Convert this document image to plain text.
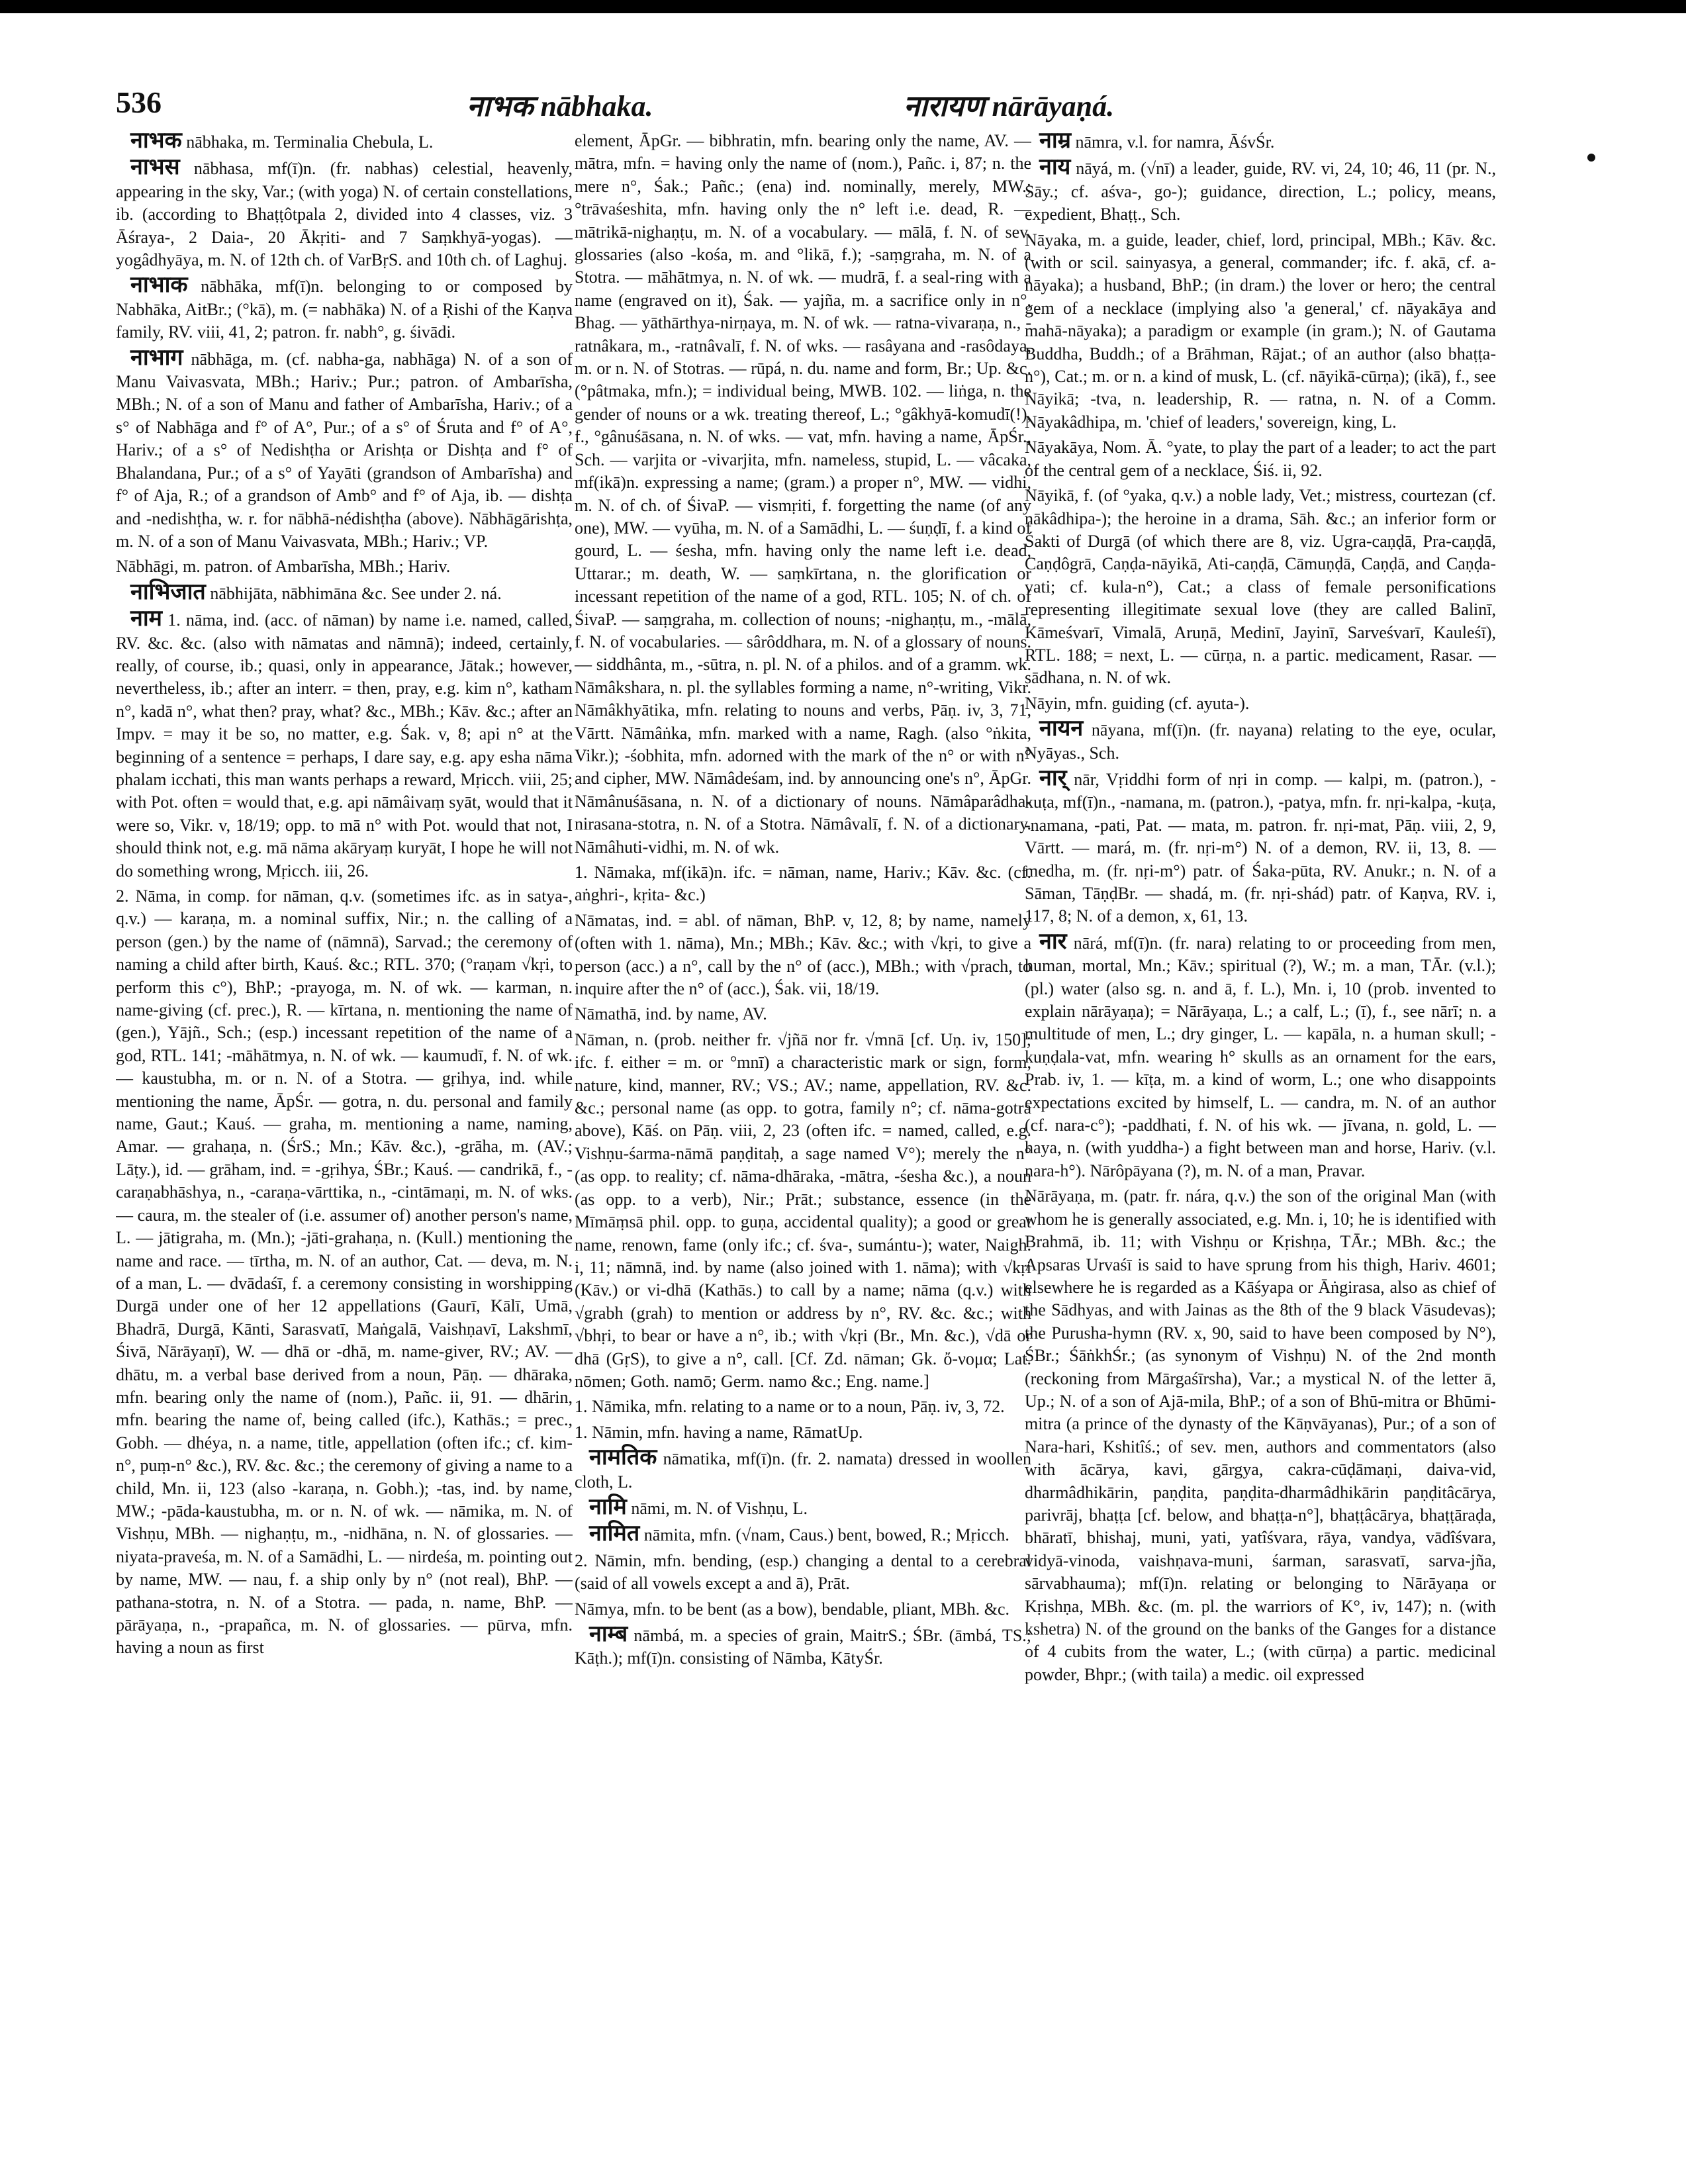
536	नाभक nābhaka.	नारायण nārāyaṇá.

नाभक nābhaka, m. Terminalia Chebula, L.

नाभस nābhasa, mf(ī)n. (fr. nabhas) celestial, heavenly, appearing in the sky, Var.; (with yoga) N. of certain constellations, ib. (according to Bhaṭṭôtpala 2, divided into 4 classes, viz. 3 Āśraya-, 2 Daia-, 20 Ākṛiti- and 7 Saṃkhyā-yogas). — yogâdhyāya, m. N. of 12th ch. of VarBṛS. and 10th ch. of Laghuj.

नाभाक nābhāka, mf(ī)n. belonging to or composed by Nabhāka, AitBr.; (°kā), m. (= nabhāka) N. of a Ṛishi of the Kaṇva family, RV. viii, 41, 2; patron. fr. nabh°, g. śivādi.

नाभाग nābhāga, m. (cf. nabha-ga, nabhāga) N. of a son of Manu Vaivasvata, MBh.; Hariv.; Pur.; patron. of Ambarīsha, MBh.; N. of a son of Manu and father of Ambarīsha, Hariv.; of a s° of Nabhāga and f° of A°, Pur.; of a s° of Śruta and f° of A°, Hariv.; of a s° of Nedishṭha or Arishṭa or Dishṭa and f° of Bhalandana, Pur.; of a s° of Yayāti (grandson of Ambarīsha) and f° of Aja, R.; of a grandson of Amb° and f° of Aja, ib. — dishṭa and -nedishṭha, w. r. for nābhā-nédishṭha (above). Nābhāgārishṭa, m. N. of a son of Manu Vaivasvata, MBh.; Hariv.; VP.

Nābhāgi, m. patron. of Ambarīsha, MBh.; Hariv.

नाभिजात nābhijāta, nābhimāna &c. See under 2. ná.

नाम 1. nāma, ind. (acc. of nāman) by name i.e. named, called, RV. &c. &c. (also with nāmatas and nāmnā); indeed, certainly, really, of course, ib.; quasi, only in appearance, Jātak.; however, nevertheless, ib.; after an interr. = then, pray, e.g. kim n°, katham n°, kadā n°, what then? pray, what? &c., MBh.; Kāv. &c.; after an Impv. = may it be so, no matter, e.g. Śak. v, 8; api n° at the beginning of a sentence = perhaps, I dare say, e.g. apy esha nāma phalam icchati, this man wants perhaps a reward, Mṛicch. viii, 25; with Pot. often = would that, e.g. api nāmâivaṃ syāt, would that it were so, Vikr. v, 18/19; opp. to mā n° with Pot. would that not, I should think not, e.g. mā nāma akāryaṃ kuryāt, I hope he will not do something wrong, Mṛicch. iii, 26.

2. Nāma, in comp. for nāman, q.v. (sometimes ifc. as in satya-, q.v.) — karaṇa, m. a nominal suffix, Nir.; n. the calling of a person (gen.) by the name of (nāmnā), Sarvad.; the ceremony of naming a child after birth, Kauś. &c.; RTL. 370; (°raṇam √kṛi, to perform this c°), BhP.; -prayoga, m. N. of wk. — karman, n. name-giving (cf. prec.), R. — kīrtana, n. mentioning the name of (gen.), Yājñ., Sch.; (esp.) incessant repetition of the name of a god, RTL. 141; -māhātmya, n. N. of wk. — kaumudī, f. N. of wk. — kaustubha, m. or n. N. of a Stotra. — gṛihya, ind. while mentioning the name, ĀpŚr. — gotra, n. du. personal and family name, Gaut.; Kauś. — graha, m. mentioning a name, naming, Amar. — grahaṇa, n. (ŚrS.; Mn.; Kāv. &c.), -grāha, m. (AV.; Lāṭy.), id. — grāham, ind. = -gṛihya, ŚBr.; Kauś. — candrikā, f., -caraṇabhāshya, n., -caraṇa-vārttika, n., -cintāmaṇi, m. N. of wks. — caura, m. the stealer of (i.e. assumer of) another person's name, L. — jātigraha, m. (Mn.); -jāti-grahaṇa, n. (Kull.) mentioning the name and race. — tīrtha, m. N. of an author, Cat. — deva, m. N. of a man, L. — dvādaśī, f. a ceremony consisting in worshipping Durgā under one of her 12 appellations (Gaurī, Kālī, Umā, Bhadrā, Durgā, Kānti, Sarasvatī, Maṅgalā, Vaishṇavī, Lakshmī, Śivā, Nārāyaṇī), W. — dhā or -dhā, m. name-giver, RV.; AV. — dhātu, m. a verbal base derived from a noun, Pāṇ. — dhāraka, mfn. bearing only the name of (nom.), Pañc. ii, 91. — dhārin, mfn. bearing the name of, being called (ifc.), Kathās.; = prec., Gobh. — dhéya, n. a name, title, appellation (often ifc.; cf. kim-n°, puṃ-n° &c.), RV. &c. &c.; the ceremony of giving a name to a child, Mn. ii, 123 (also -karaṇa, n. Gobh.); -tas, ind. by name, MW.; -pāda-kaustubha, m. or n. N. of wk. — nāmika, m. N. of Vishṇu, MBh. — nighaṇṭu, m., -nidhāna, n. N. of glossaries. — niyata-praveśa, m. N. of a Samādhi, L. — nirdeśa, m. pointing out by name, MW. — nau, f. a ship only by n° (not real), BhP. — pathana-stotra, n. N. of a Stotra. — pada, n. name, BhP. — pārāyaṇa, n., -prapañca, m. N. of glossaries. — pūrva, mfn. having a noun as first

element, ĀpGr. — bibhratin, mfn. bearing only the name, AV. — mātra, mfn. = having only the name of (nom.), Pañc. i, 87; n. the mere n°, Śak.; Pañc.; (ena) ind. nominally, merely, MW.; °trāvaśeshita, mfn. having only the n° left i.e. dead, R. — mātrikā-nighaṇṭu, m. N. of a vocabulary. — mālā, f. N. of sev. glossaries (also -kośa, m. and °likā, f.); -saṃgraha, m. N. of a Stotra. — māhātmya, n. N. of wk. — mudrā, f. a seal-ring with a name (engraved on it), Śak. — yajña, m. a sacrifice only in n°, Bhag. — yāthārthya-nirṇaya, m. N. of wk. — ratna-vivaraṇa, n., -ratnâkara, m., -ratnâvalī, f. N. of wks. — rasâyana and -rasôdaya, m. or n. N. of Stotras. — rūpá, n. du. name and form, Br.; Up. &c. (°pâtmaka, mfn.); = individual being, MWB. 102. — liṅga, n. the gender of nouns or a wk. treating thereof, L.; °gâkhyā-komudī(!), f., °gânuśāsana, n. N. of wks. — vat, mfn. having a name, ĀpŚr., Sch. — varjita or -vivarjita, mfn. nameless, stupid, L. — vâcaka, mf(ikā)n. expressing a name; (gram.) a proper n°, MW. — vidhi, m. N. of ch. of ŚivaP. — vismṛiti, f. forgetting the name (of any one), MW. — vyūha, m. N. of a Samādhi, L. — śuṇḍī, f. a kind of gourd, L. — śesha, mfn. having only the name left i.e. dead, Uttarar.; m. death, W. — saṃkīrtana, n. the glorification or incessant repetition of the name of a god, RTL. 105; N. of ch. of ŚivaP. — saṃgraha, m. collection of nouns; -nighaṇṭu, m., -mālā, f. N. of vocabularies. — sârôddhara, m. N. of a glossary of nouns. — siddhânta, m., -sūtra, n. pl. N. of a philos. and of a gramm. wk. Nāmâkshara, n. pl. the syllables forming a name, n°-writing, Vikr. Nāmâkhyātika, mfn. relating to nouns and verbs, Pāṇ. iv, 3, 71, Vārtt. Nāmâṅka, mfn. marked with a name, Ragh. (also °ṅkita, Vikr.); -śobhita, mfn. adorned with the mark of the n° or with n° and cipher, MW. Nāmâdeśam, ind. by announcing one's n°, ĀpGr. Nāmânuśāsana, n. N. of a dictionary of nouns. Nāmâparâdha-nirasana-stotra, n. N. of a Stotra. Nāmâvalī, f. N. of a dictionary. Nāmâhuti-vidhi, m. N. of wk.

1. Nāmaka, mf(ikā)n. ifc. = nāman, name, Hariv.; Kāv. &c. (cf. aṅghri-, kṛita- &c.)

Nāmatas, ind. = abl. of nāman, BhP. v, 12, 8; by name, namely (often with 1. nāma), Mn.; MBh.; Kāv. &c.; with √kṛi, to give a person (acc.) a n°, call by the n° of (acc.), MBh.; with √prach, to inquire after the n° of (acc.), Śak. vii, 18/19.

Nāmathā, ind. by name, AV.

Nāman, n. (prob. neither fr. √jñā nor fr. √mnā [cf. Uṇ. iv, 150]; ifc. f. either = m. or °mnī) a characteristic mark or sign, form, nature, kind, manner, RV.; VS.; AV.; name, appellation, RV. &c. &c.; personal name (as opp. to gotra, family n°; cf. nāma-gotra above), Kāś. on Pāṇ. viii, 2, 23 (often ifc. = named, called, e.g. Vishṇu-śarma-nāmā paṇḍitaḥ, a sage named V°); merely the n° (as opp. to reality; cf. nāma-dhāraka, -mātra, -śesha &c.), a noun (as opp. to a verb), Nir.; Prāt.; substance, essence (in the Mīmāṃsā phil. opp. to guṇa, accidental quality); a good or great name, renown, fame (only ifc.; cf. śva-, sumántu-); water, Naigh. i, 11; nāmnā, ind. by name (also joined with 1. nāma); with √kṛi (Kāv.) or vi-dhā (Kathās.) to call by a name; nāma (q.v.) with √grabh (grah) to mention or address by n°, RV. &c. &c.; with √bhṛi, to bear or have a n°, ib.; with √kṛi (Br., Mn. &c.), √dā or dhā (GṛS), to give a n°, call. [Cf. Zd. nāman; Gk. ὄ-νομα; Lat. nōmen; Goth. namō; Germ. namo &c.; Eng. name.]

1. Nāmika, mfn. relating to a name or to a noun, Pāṇ. iv, 3, 72.

1. Nāmin, mfn. having a name, RāmatUp.

नामतिक nāmatika, mf(ī)n. (fr. 2. namata) dressed in woollen cloth, L.

नामि nāmi, m. N. of Vishṇu, L.

नामित nāmita, mfn. (√nam, Caus.) bent, bowed, R.; Mṛicch.

2. Nāmin, mfn. bending, (esp.) changing a dental to a cerebral (said of all vowels except a and ā), Prāt.

Nāmya, mfn. to be bent (as a bow), bendable, pliant, MBh. &c.

नाम्ब nāmbá, m. a species of grain, MaitrS.; ŚBr. (āmbá, TS.; Kāṭh.); mf(ī)n. consisting of Nāmba, KātyŚr.

नाम्र nāmra, v.l. for namra, ĀśvŚr.

नाय nāyá, m. (√nī) a leader, guide, RV. vi, 24, 10; 46, 11 (pr. N., Sāy.; cf. aśva-, go-); guidance, direction, L.; policy, means, expedient, Bhaṭṭ., Sch.

Nāyaka, m. a guide, leader, chief, lord, principal, MBh.; Kāv. &c. (with or scil. sainyasya, a general, commander; ifc. f. akā, cf. a-nāyaka); a husband, BhP.; (in dram.) the lover or hero; the central gem of a necklace (implying also 'a general,' cf. nāyakāya and mahā-nāyaka); a paradigm or example (in gram.); N. of Gautama Buddha, Buddh.; of a Brāhman, Rājat.; of an author (also bhaṭṭa-n°), Cat.; m. or n. a kind of musk, L. (cf. nāyikā-cūrṇa); (ikā), f., see Nāyikā; -tva, n. leadership, R. — ratna, n. N. of a Comm. Nāyakâdhipa, m. 'chief of leaders,' sovereign, king, L.

Nāyakāya, Nom. Ā. °yate, to play the part of a leader; to act the part of the central gem of a necklace, Śiś. ii, 92.

Nāyikā, f. (of °yaka, q.v.) a noble lady, Vet.; mistress, courtezan (cf. nākâdhipa-); the heroine in a drama, Sāh. &c.; an inferior form or Śakti of Durgā (of which there are 8, viz. Ugra-caṇḍā, Pra-caṇḍā, Caṇḍôgrā, Caṇḍa-nāyikā, Ati-caṇḍā, Cāmuṇḍā, Caṇḍā, and Caṇḍa-vati; cf. kula-n°), Cat.; a class of female personifications representing illegitimate sexual love (they are called Balinī, Kāmeśvarī, Vimalā, Aruṇā, Medinī, Jayinī, Sarveśvarī, Kauleśī), RTL. 188; = next, L. — cūrṇa, n. a partic. medicament, Rasar. — sādhana, n. N. of wk.

Nāyin, mfn. guiding (cf. ayuta-).

नायन nāyana, mf(ī)n. (fr. nayana) relating to the eye, ocular, Nyāyas., Sch.

नार् nār, Vṛiddhi form of nṛi in comp. — kalpi, m. (patron.), -kuṭa, mf(ī)n., -namana, m. (patron.), -patya, mfn. fr. nṛi-kalpa, -kuṭa, -namana, -pati, Pat. — mata, m. patron. fr. nṛi-mat, Pāṇ. viii, 2, 9, Vārtt. — mará, m. (fr. nṛi-m°) N. of a demon, RV. ii, 13, 8. — medha, m. (fr. nṛi-m°) patr. of Śaka-pūta, RV. Anukr.; n. N. of a Sāman, TāṇḍBr. — shadá, m. (fr. nṛi-shád) patr. of Kaṇva, RV. i, 117, 8; N. of a demon, x, 61, 13.

नार nārá, mf(ī)n. (fr. nara) relating to or proceeding from men, human, mortal, Mn.; Kāv.; spiritual (?), W.; m. a man, TĀr. (v.l.); (pl.) water (also sg. n. and ā, f. L.), Mn. i, 10 (prob. invented to explain nārāyaṇa); = Nārāyaṇa, L.; a calf, L.; (ī), f., see nārī; n. a multitude of men, L.; dry ginger, L. — kapāla, n. a human skull; -kuṇḍala-vat, mfn. wearing h° skulls as an ornament for the ears, Prab. iv, 1. — kīṭa, m. a kind of worm, L.; one who disappoints expectations excited by himself, L. — candra, m. N. of an author (cf. nara-c°); -paddhati, f. N. of his wk. — jīvana, n. gold, L. — haya, n. (with yuddha-) a fight between man and horse, Hariv. (v.l. nara-h°). Nārôpāyana (?), m. N. of a man, Pravar.

Nārāyaṇa, m. (patr. fr. nára, q.v.) the son of the original Man (with whom he is generally associated, e.g. Mn. i, 10; he is identified with Brahmā, ib. 11; with Vishṇu or Kṛishṇa, TĀr.; MBh. &c.; the Apsaras Urvaśī is said to have sprung from his thigh, Hariv. 4601; elsewhere he is regarded as a Kāśyapa or Āṅgirasa, also as chief of the Sādhyas, and with Jainas as the 8th of the 9 black Vāsudevas); the Purusha-hymn (RV. x, 90, said to have been composed by N°), ŚBr.; ŚāṅkhŚr.; (as synonym of Vishṇu) N. of the 2nd month (reckoning from Mārgaśīrsha), Var.; a mystical N. of the letter ā, Up.; N. of a son of Ajā-mila, BhP.; of a son of Bhū-mitra or Bhūmi-mitra (a prince of the dynasty of the Kāṇvāyanas), Pur.; of a son of Nara-hari, Kshitîś.; of sev. men, authors and commentators (also with ācārya, kavi, gārgya, cakra-cūḍāmaṇi, daiva-vid, dharmâdhikārin, paṇḍita, paṇḍita-dharmâdhikārin paṇḍitâcārya, parivrāj, bhaṭṭa [cf. below, and bhaṭṭa-n°], bhaṭṭâcārya, bhaṭṭāraḍa, bhāratī, bhishaj, muni, yati, yatîśvara, rāya, vandya, vādîśvara, vidyā-vinoda, vaishṇava-muni, śarman, sarasvatī, sarva-jña, sārvabhauma); mf(ī)n. relating or belonging to Nārāyaṇa or Kṛishṇa, MBh. &c. (m. pl. the warriors of K°, iv, 147); n. (with kshetra) N. of the ground on the banks of the Ganges for a distance of 4 cubits from the water, L.; (with cūrṇa) a partic. medicinal powder, Bhpr.; (with taila) a medic. oil expressed
